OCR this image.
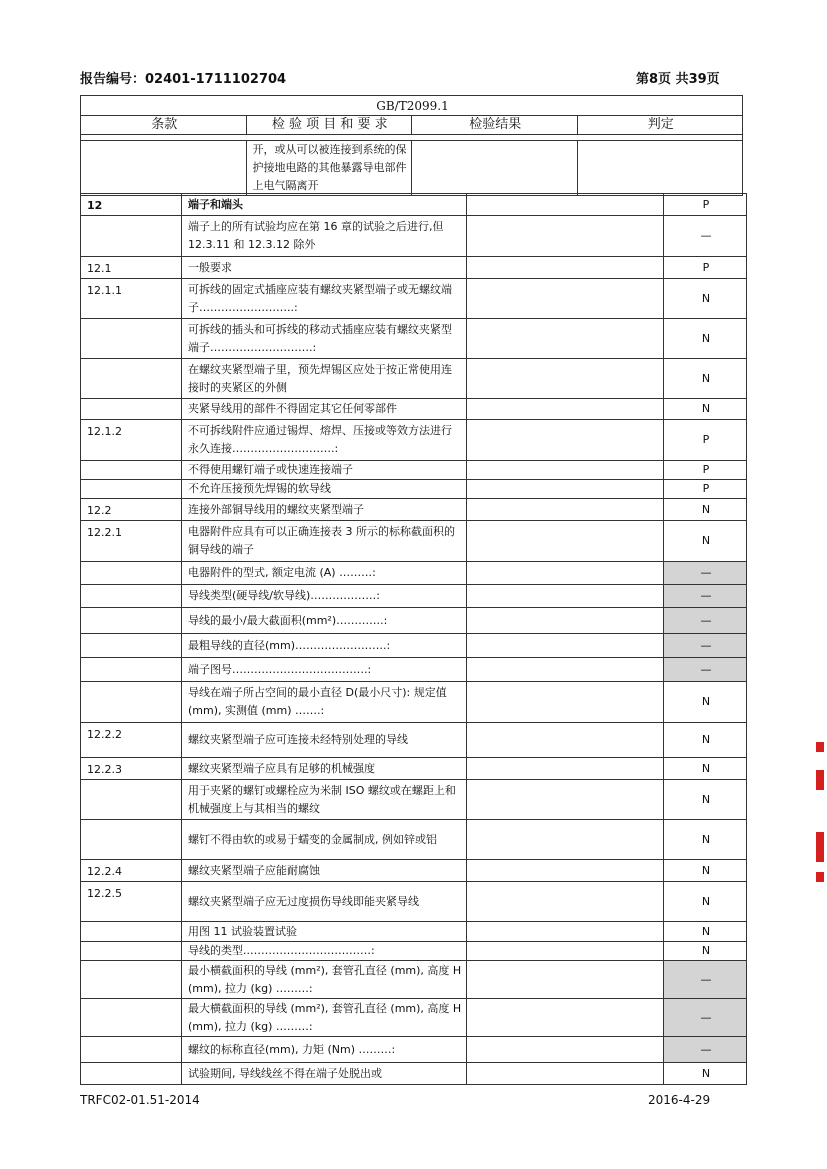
报告编号：02401-1711102704	第8页 共39页
GB/T2099.1			
条款	检 验 项 目 和 要 求	检验结果	判定

	开，或从可以被连接到系统的保护接地电路的其他暴露导电部件上电气隔离开		
12	端子和端头		P
	端子上的所有试验均应在第 16 章的试验之后进行,但 12.3.11 和 12.3.12 除外		—
12.1	一般要求		P
12.1.1	可拆线的固定式插座应装有螺纹夹紧型端子或无螺纹端子……………………..:		N
	可拆线的插头和可拆线的移动式插座应装有螺纹夹紧型端子……………………….:		N
	在螺纹夹紧型端子里，预先焊锡区应处于按正常使用连接时的夹紧区的外侧		N
	夹紧导线用的部件不得固定其它任何零部件		N
12.1.2	不可拆线附件应通过锡焊、熔焊、压接或等效方法进行永久连接……………………….:		P
	不得使用螺钉端子或快速连接端子		P
	不允许压接预先焊锡的软导线		P
12.2	连接外部铜导线用的螺纹夹紧型端子		N
12.2.1	电器附件应具有可以正确连接表 3 所示的标称截面积的铜导线的端子		N
	电器附件的型式, 额定电流 (A) ………:		—
	导线类型(硬导线/软导线)………………:		—
	导线的最小/最大截面积(mm²)………….:		—
	最粗导线的直径(mm)…………………….:		—
	端子图号……………………………….:		—
	导线在端子所占空间的最小直径 D(最小尺寸): 规定值 (mm), 实测值 (mm) …….:		N
12.2.2	螺纹夹紧型端子应可连接未经特别处理的导线		N
12.2.3	螺纹夹紧型端子应具有足够的机械强度		N
	用于夹紧的螺钉或螺栓应为米制 ISO 螺纹或在螺距上和机械强度上与其相当的螺纹		N
	螺钉不得由软的或易于蠕变的金属制成, 例如锌或铝		N
12.2.4	螺纹夹紧型端子应能耐腐蚀		N
12.2.5	螺纹夹紧型端子应无过度损伤导线即能夹紧导线		N
	用图 11 试验装置试验		N
	导线的类型..……………………………:		N
	最小横截面积的导线 (mm²), 套管孔直径 (mm), 高度 H (mm), 拉力 (kg) ………:		—
	最大横截面积的导线 (mm²), 套管孔直径 (mm), 高度 H (mm), 拉力 (kg) ………:		—
	螺纹的标称直径(mm), 力矩 (Nm) ………:		—
	试验期间, 导线线丝不得在端子处脱出或		N
TRFC02-01.51-2014	2016-4-29
